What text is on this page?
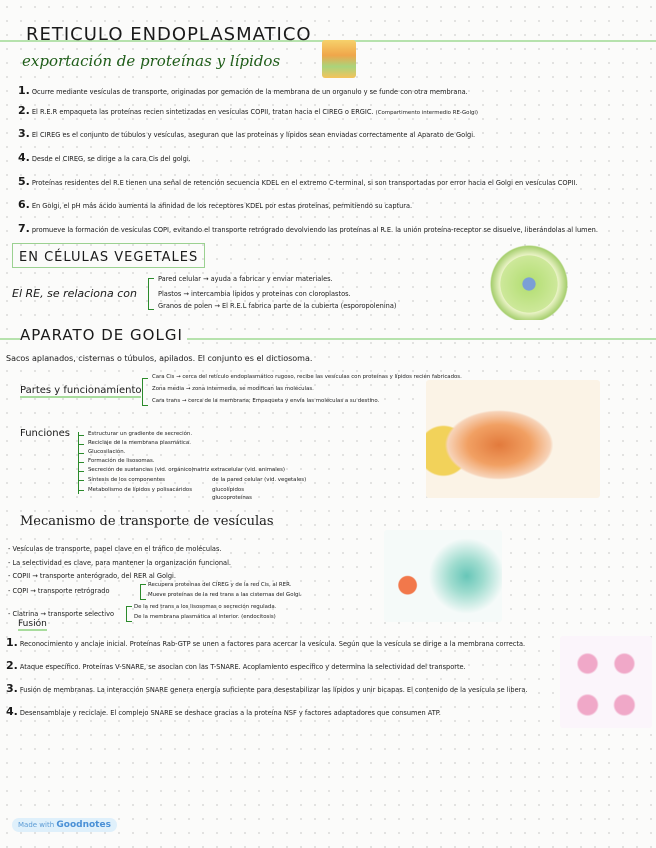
RETICULO ENDOPLASMATICO
exportación de proteínas y lípidos
1. Ocurre mediante vesículas de transporte, originadas por gemación de la membrana de un organulo y se funde con otra membrana.
2. El R.E.R empaqueta las proteínas recien sintetizadas en vesículas COPII, tratan hacia el CIREG o ERGIC. (Compartimento intermedio RE-Golgi)
3. El CIREG es el conjunto de túbulos y vesículas, aseguran que las proteínas y lípidos sean enviadas correctamente al Aparato de Golgi.
4. Desde el CIREG, se dirige a la cara Cis del golgi.
5. Proteínas residentes del R.E tienen una señal de retención secuencia KDEL en el extremo C-terminal, si son transportadas por error hacia el Golgi en vesículas COPII.
6. En Golgi, el pH más ácido aumenta la afinidad de los receptores KDEL por estas proteínas, permitiendo su captura.
7. promueve la formación de vesículas COPI, evitando el transporte retrógrado devolviendo las proteínas al R.E. la unión proteína-receptor se disuelve, liberándolas al lumen.
EN CÉLULAS VEGETALES
El RE, se relaciona con
Pared celular → ayuda a fabricar y enviar materiales.
Plastos → intercambia lípidos y proteínas con cloroplastos.
Granos de polen → El R.E.L fabrica parte de la cubierta (esporopolenina)
APARATO DE GOLGI
Sacos aplanados, cisternas o túbulos, apilados. El conjunto es el dictiosoma.
Partes y funcionamiento
Cara Cis → cerca del retículo endoplasmático rugoso, recibe las vesículas con proteínas y lípidos recién fabricados.
Zona media → zona intermedia, se modifican las moléculas.
Cara trans → cerca de la membrana; Empaqueta y envía las moléculas a su destino.
Funciones	Estructurar un gradiente de secreción.
Reciclaje de la membrana plasmática.
Glucosilación.
Formación de lisosomas.
Secreción de sustancias (vid. orgánico)
Síntesis de los componentes
Metabolismo de lípidos y polisacáridos
matriz extracelular (vid. animales)
de la pared celular (vid. vegetales)
glucolípidos
glucoproteínas
Mecanismo de transporte de vesículas
- Vesículas de transporte, papel clave en el tráfico de moléculas.
- La selectividad es clave, para mantener la organización funcional.
- COPII → transporte anterógrado, del RER al Golgi.
- COPI → transporte retrógrado
Recupera proteínas del CIREG y de la red Cis, al RER.
Mueve proteínas de la red trans a las cisternas del Golgi.
- Clatrina → transporte selectivo
De la red trans a los lisosomas o secreción regulada.
De la membrana plasmática al interior. (endocitosis)
Fusión
1. Reconocimiento y anclaje inicial. Proteínas Rab-GTP se unen a factores para acercar la vesícula. Según que la vesícula se dirige a la membrana correcta.
2. Ataque específico. Proteínas V-SNARE, se asocian con las T-SNARE. Acoplamiento específico y determina la selectividad del transporte.
3. Fusión de membranas. La interacción SNARE genera energía suficiente para desestabilizar las lípidos y unir bicapas. El contenido de la vesícula se libera.
4. Desensamblaje y reciclaje. El complejo SNARE se deshace gracias a la proteína NSF y factores adaptadores que consumen ATP.
Made with Goodnotes
